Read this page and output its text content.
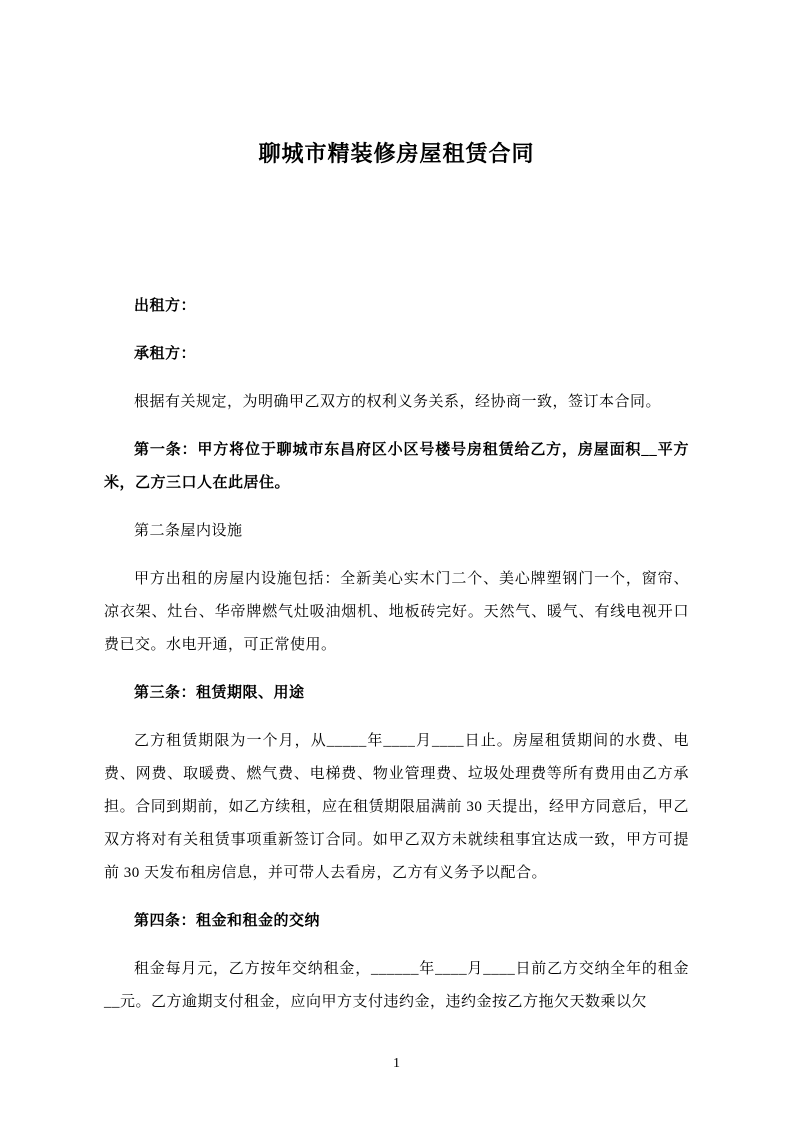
聊城市精装修房屋租赁合同

出租方：

承租方：

根据有关规定，为明确甲乙双方的权利义务关系，经协商一致，签订本合同。

第一条：甲方将位于聊城市东昌府区小区号楼号房租赁给乙方，房屋面积__平方米，乙方三口人在此居住。

第二条屋内设施

甲方出租的房屋内设施包括：全新美心实木门二个、美心牌塑钢门一个，窗帘、凉衣架、灶台、华帝牌燃气灶吸油烟机、地板砖完好。天然气、暖气、有线电视开口费已交。水电开通，可正常使用。

第三条：租赁期限、用途

乙方租赁期限为一个月，从_____年____月____日止。房屋租赁期间的水费、电费、网费、取暖费、燃气费、电梯费、物业管理费、垃圾处理费等所有费用由乙方承担。合同到期前，如乙方续租，应在租赁期限届满前 30 天提出，经甲方同意后，甲乙双方将对有关租赁事项重新签订合同。如甲乙双方未就续租事宜达成一致，甲方可提前 30 天发布租房信息，并可带人去看房，乙方有义务予以配合。

第四条：租金和租金的交纳

租金每月元，乙方按年交纳租金，______年____月____日前乙方交纳全年的租金__元。乙方逾期支付租金，应向甲方支付违约金，违约金按乙方拖欠天数乘以欠

1
